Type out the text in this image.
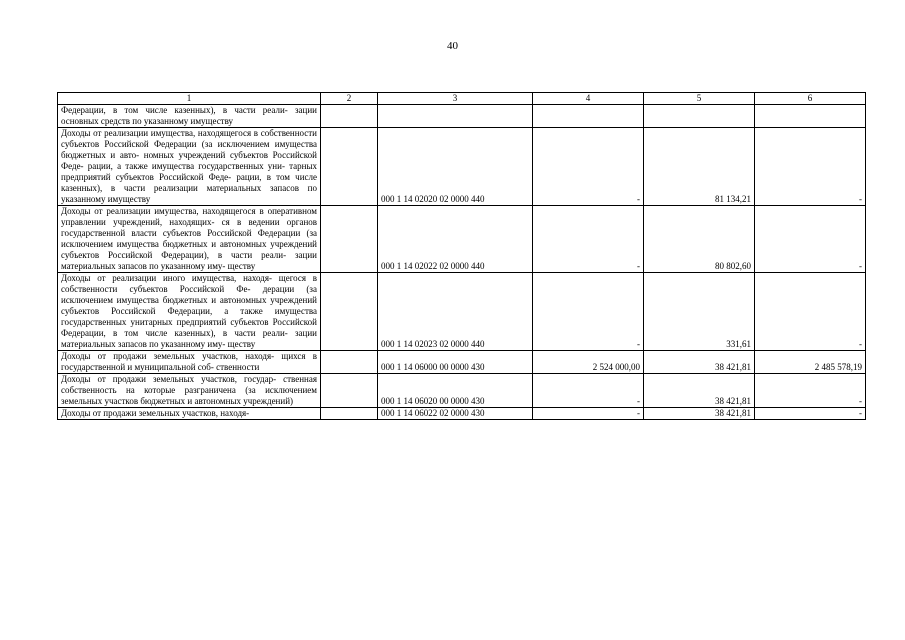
40
1	2	3	4	5	6
Федерации, в том числе казенных), в части реали- зации основных средств по указанному имуществу					
Доходы от реализации имущества, находящегося в собственности субъектов Российской Федерации (за исключением имущества бюджетных и авто- номных учреждений субъектов Российской Феде- рации, а также имущества государственных уни- тарных предприятий субъектов Российской Феде- рации, в том числе казенных), в части реализации материальных запасов по указанному имуществу		000 1 14 02020 02 0000 440	-	81 134,21	-
Доходы от реализации имущества, находящегося в оперативном управлении учреждений, находящих- ся в ведении органов государственной власти субъектов Российской Федерации (за исключением имущества бюджетных и автономных учреждений субъектов Российской Федерации), в части реали- зации материальных запасов по указанному иму- ществу		000 1 14 02022 02 0000 440	-	80 802,60	-
Доходы от реализации иного имущества, находя- щегося в собственности субъектов Российской Фе- дерации (за исключением имущества бюджетных и автономных учреждений субъектов Российской Федерации, а также имущества государственных унитарных предприятий субъектов Российской Федерации, в том числе казенных), в части реали- зации материальных запасов по указанному иму- ществу		000 1 14 02023 02 0000 440	-	331,61	-
Доходы от продажи земельных участков, находя- щихся в государственной и муниципальной соб- ственности		000 1 14 06000 00 0000 430	2 524 000,00	38 421,81	2 485 578,19
Доходы от продажи земельных участков, государ- ственная собственность на которые разграничена (за исключением земельных участков бюджетных и автономных учреждений)		000 1 14 06020 00 0000 430	-	38 421,81	-
Доходы от продажи земельных участков, находя-		000 1 14 06022 02 0000 430	-	38 421,81	-
